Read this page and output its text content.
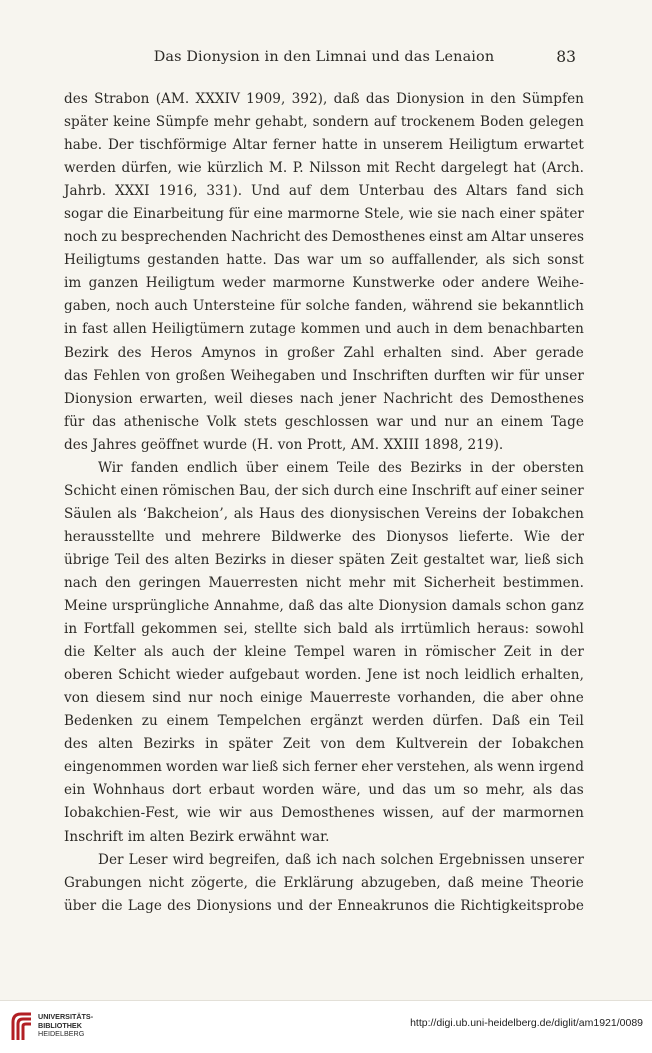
Das Dionysion in den Limnai und das Lenaion	83
des Strabon (AM. XXXIV 1909, 392), daß das Dionysion in den Sümpfen
später keine Sümpfe mehr gehabt, sondern auf trockenem Boden gelegen
habe. Der tischförmige Altar ferner hatte in unserem Heiligtum erwartet
werden dürfen, wie kürzlich M. P. Nilsson mit Recht dargelegt hat (Arch.
Jahrb. XXXI 1916, 331). Und auf dem Unterbau des Altars fand sich
sogar die Einarbeitung für eine marmorne Stele, wie sie nach einer später
noch zu besprechenden Nachricht des Demosthenes einst am Altar unseres
Heiligtums gestanden hatte. Das war um so auffallender, als sich sonst
im ganzen Heiligtum weder marmorne Kunstwerke oder andere Weihe-
gaben, noch auch Untersteine für solche fanden, während sie bekanntlich
in fast allen Heiligtümern zutage kommen und auch in dem benachbarten
Bezirk des Heros Amynos in großer Zahl erhalten sind. Aber gerade
das Fehlen von großen Weihegaben und Inschriften durften wir für unser
Dionysion erwarten, weil dieses nach jener Nachricht des Demosthenes
für das athenische Volk stets geschlossen war und nur an einem Tage
des Jahres geöffnet wurde (H. von Prott, AM. XXIII 1898, 219).
Wir fanden endlich über einem Teile des Bezirks in der obersten
Schicht einen römischen Bau, der sich durch eine Inschrift auf einer seiner
Säulen als ‘Bakcheion’, als Haus des dionysischen Vereins der Iobakchen
herausstellte und mehrere Bildwerke des Dionysos lieferte. Wie der
übrige Teil des alten Bezirks in dieser späten Zeit gestaltet war, ließ sich
nach den geringen Mauerresten nicht mehr mit Sicherheit bestimmen.
Meine ursprüngliche Annahme, daß das alte Dionysion damals schon ganz
in Fortfall gekommen sei, stellte sich bald als irrtümlich heraus: sowohl
die Kelter als auch der kleine Tempel waren in römischer Zeit in der
oberen Schicht wieder aufgebaut worden. Jene ist noch leidlich erhalten,
von diesem sind nur noch einige Mauerreste vorhanden, die aber ohne
Bedenken zu einem Tempelchen ergänzt werden dürfen. Daß ein Teil
des alten Bezirks in später Zeit von dem Kultverein der Iobakchen
eingenommen worden war ließ sich ferner eher verstehen, als wenn irgend
ein Wohnhaus dort erbaut worden wäre, und das um so mehr, als das
Iobakchien-Fest, wie wir aus Demosthenes wissen, auf der marmornen
Inschrift im alten Bezirk erwähnt war.
Der Leser wird begreifen, daß ich nach solchen Ergebnissen unserer
Grabungen nicht zögerte, die Erklärung abzugeben, daß meine Theorie
über die Lage des Dionysions und der Enneakrunos die Richtigkeitsprobe
UNIVERSITÄTS-
BIBLIOTHEK
HEIDELBERG
http://digi.ub.uni-heidelberg.de/diglit/am1921/0089
